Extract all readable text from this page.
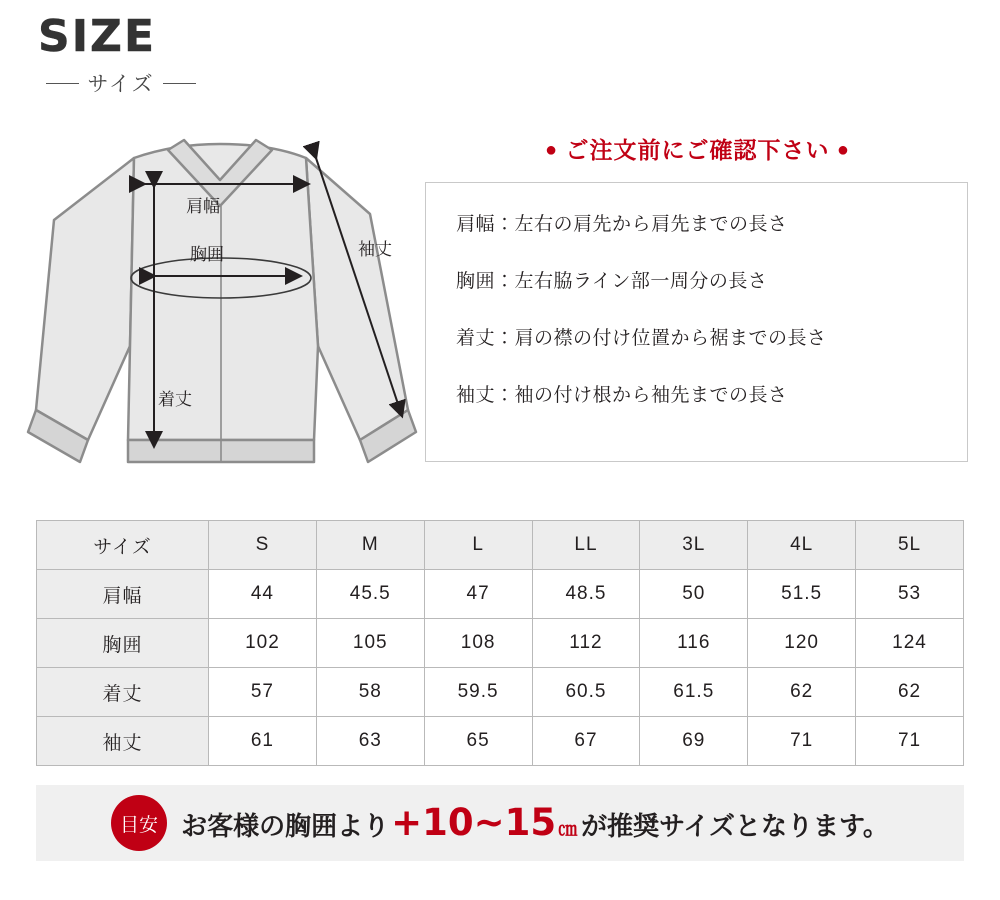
SIZE
サイズ
肩幅
胸囲
着丈
袖丈
● ご注文前にご確認下さい ●
肩幅：左右の肩先から肩先までの長さ
胸囲：左右脇ライン部一周分の長さ
着丈：肩の襟の付け位置から裾までの長さ
袖丈：袖の付け根から袖先までの長さ
サイズ	S	M	L	LL	3L	4L	5L
肩幅	44	45.5	47	48.5	50	51.5	53
胸囲	102	105	108	112	116	120	124
着丈	57	58	59.5	60.5	61.5	62	62
袖丈	61	63	65	67	69	71	71
目安 お客様の胸囲より +10~15 ㎝ が推奨サイズとなります。
